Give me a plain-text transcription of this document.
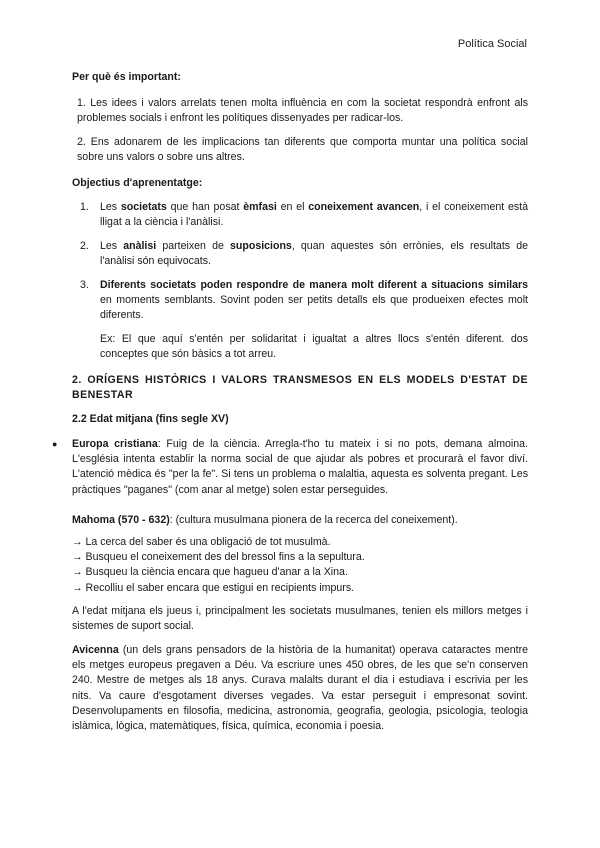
Política Social
Per què és important:

1. Les idees i valors arrelats tenen molta influència en com la societat respondrà enfront als problemes socials i enfront les polítiques dissenyades per radicar-los.

2. Ens adonarem de les implicacions tan diferents que comporta muntar una política social sobre uns valors o sobre uns altres.

Objectius d'aprenentatge:
1. Les societats que han posat èmfasi en el coneixement avancen, i el coneixement està lligat a la ciència i l'anàlisi.

2. Les anàlisi parteixen de suposicions, quan aquestes són errònies, els resultats de l'anàlisi són equivocats.

3. Diferents societats poden respondre de manera molt diferent a situacions similars en moments semblants. Sovint poden ser petits detalls els que produeixen efectes molt diferents.

Ex: El que aquí s'entén per solidaritat i igualtat a altres llocs s'entén diferent. dos conceptes que són bàsics a tot arreu.

2. ORÍGENS HISTÒRICS I VALORS TRANSMESOS EN ELS MODELS D'ESTAT DE BENESTAR

2.2 Edat mitjana (fins segle XV)
● Europa cristiana: Fuig de la ciència. Arregla-t'ho tu mateix i si no pots, demana almoina. L'església intenta establir la norma social de que ajudar als pobres et procurarà el favor diví. L'atenció mèdica és "per la fe". Si tens un problema o malaltia, aquesta es solventa pregant. Les pràctiques "paganes" (com anar al metge) solen estar perseguides.

Mahoma (570 - 632): (cultura musulmana pionera de la recerca del coneixement).

→ La cerca del saber és una obligació de tot musulmà.
→ Busqueu el coneixement des del bressol fins a la sepultura.
→ Busqueu la ciència encara que hagueu d'anar a la Xina.
→ Recolliu el saber encara que estigui en recipients impurs.

A l'edat mitjana els jueus i, principalment les societats musulmanes, tenien els millors metges i sistemes de suport social.

Avicenna (un dels grans pensadors de la història de la humanitat) operava cataractes mentre els metges europeus pregaven a Déu. Va escriure unes 450 obres, de les que se'n conserven 240. Mestre de metges als 18 anys. Curava malalts durant el dia i estudiava i escrivia per les nits. Va caure d'esgotament diverses vegades. Va estar perseguit i empresonat sovint. Desenvolupaments en filosofia, medicina, astronomia, geografia, geologia, psicologia, teologia islàmica, lògica, matemàtiques, física, química, economia i poesia.
